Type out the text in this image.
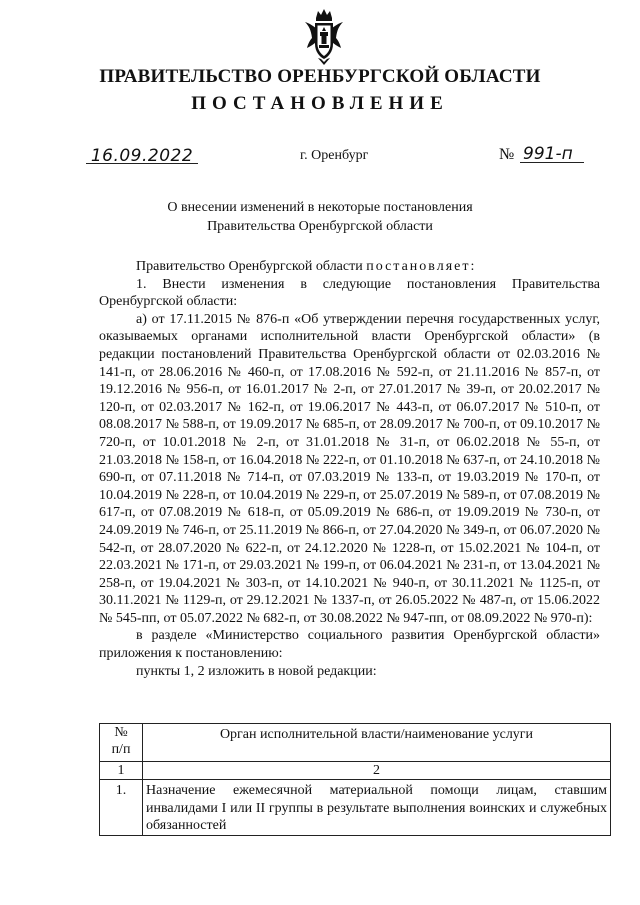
ПРАВИТЕЛЬСТВО ОРЕНБУРГСКОЙ ОБЛАСТИ
ПОСТАНОВЛЕНИЕ
16.09.2022	г. Оренбург	№ 991-п
О внесении изменений в некоторые постановления
Правительства Оренбургской области

Правительство Оренбургской области постановляет:

1. Внести изменения в следующие постановления Правительства Оренбургской области:

а) от 17.11.2015 № 876-п «Об утверждении перечня государственных услуг, оказываемых органами исполнительной власти Оренбургской области» (в редакции постановлений Правительства Оренбургской области от 02.03.2016 № 141-п, от 28.06.2016 № 460-п, от 17.08.2016 № 592-п, от 21.11.2016 № 857-п, от 19.12.2016 № 956-п, от 16.01.2017 № 2-п, от 27.01.2017 № 39-п, от 20.02.2017 № 120-п, от 02.03.2017 № 162-п, от 19.06.2017 № 443-п, от 06.07.2017 № 510-п, от 08.08.2017 № 588-п, от 19.09.2017 № 685-п, от 28.09.2017 № 700-п, от 09.10.2017 № 720-п, от 10.01.2018 № 2-п, от 31.01.2018 № 31-п, от 06.02.2018 № 55-п, от 21.03.2018 № 158-п, от 16.04.2018 № 222-п, от 01.10.2018 № 637-п, от 24.10.2018 № 690-п, от 07.11.2018 № 714-п, от 07.03.2019 № 133-п, от 19.03.2019 № 170-п, от 10.04.2019 № 228-п, от 10.04.2019 № 229-п, от 25.07.2019 № 589-п, от 07.08.2019 № 617-п, от 07.08.2019 № 618-п, от 05.09.2019 № 686-п, от 19.09.2019 № 730-п, от 24.09.2019 № 746-п, от 25.11.2019 № 866-п, от 27.04.2020 № 349-п, от 06.07.2020 № 542-п, от 28.07.2020 № 622-п, от 24.12.2020 № 1228-п, от 15.02.2021 № 104-п, от 22.03.2021 № 171-п, от 29.03.2021 № 199-п, от 06.04.2021 № 231-п, от 13.04.2021 № 258-п, от 19.04.2021 № 303-п, от 14.10.2021 № 940-п, от 30.11.2021 № 1125-п, от 30.11.2021 № 1129-п, от 29.12.2021 № 1337-п, от 26.05.2022 № 487-п, от 15.06.2022 № 545-пп, от 05.07.2022 № 682-п, от 30.08.2022 № 947-пп, от 08.09.2022 № 970-п):

в разделе «Министерство социального развития Оренбургской области» приложения к постановлению:

пункты 1, 2 изложить в новой редакции:

№
п/п	Орган исполнительной власти/наименование услуги
1	2
1.	Назначение ежемесячной материальной помощи лицам, ставшим инвалидами I или II группы в результате выполнения воинских и служебных обязанностей
